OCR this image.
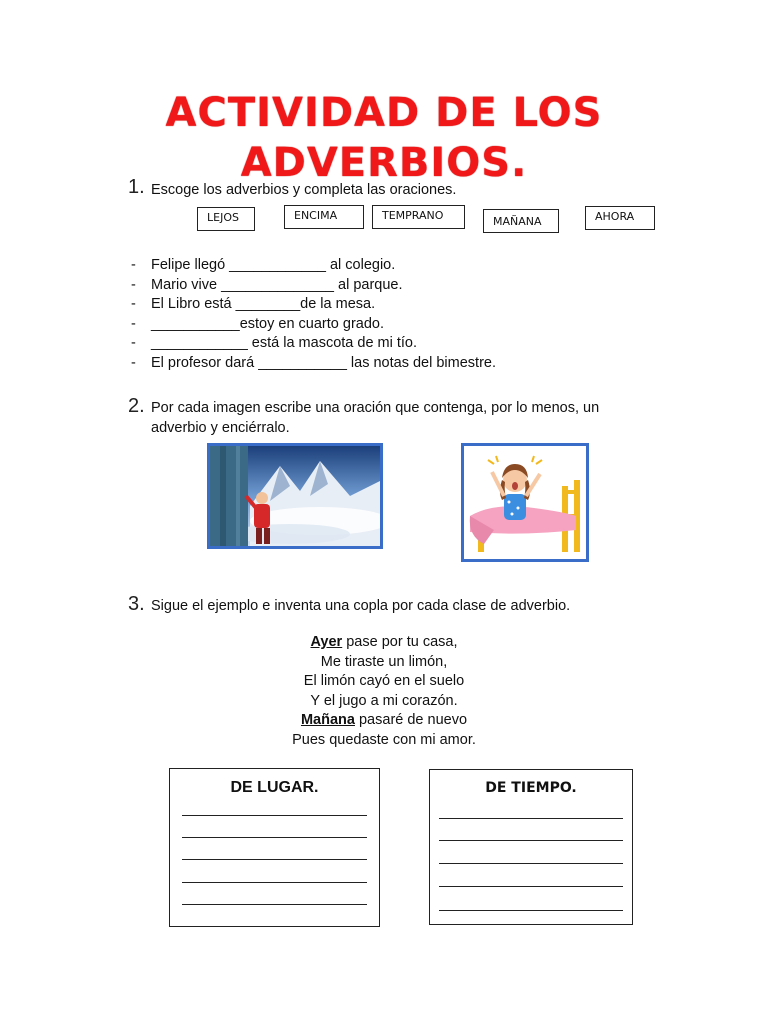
ACTIVIDAD DE LOS
ADVERBIOS.
1. Escoge los adverbios y completa las oraciones.
LEJOS	ENCIMA	TEMPRANO	MAÑANA	AHORA
- Felipe llegó ____________ al colegio.
- Mario vive ______________ al parque.
- El Libro está ________de la mesa.
- ___________estoy en cuarto grado.
- ____________ está la mascota de mi tío.
- El profesor dará ___________ las notas del bimestre.
2. Por cada imagen escribe una oración que contenga, por lo menos, un
adverbio y enciérralo.
3. Sigue el ejemplo e inventa una copla por cada clase de adverbio.
Ayer pase por tu casa,
Me tiraste un limón,
El limón cayó en el suelo
Y el jugo a mi corazón.
Mañana pasaré de nuevo
Pues quedaste con mi amor.
DE LUGAR.	DE TIEMPO.
